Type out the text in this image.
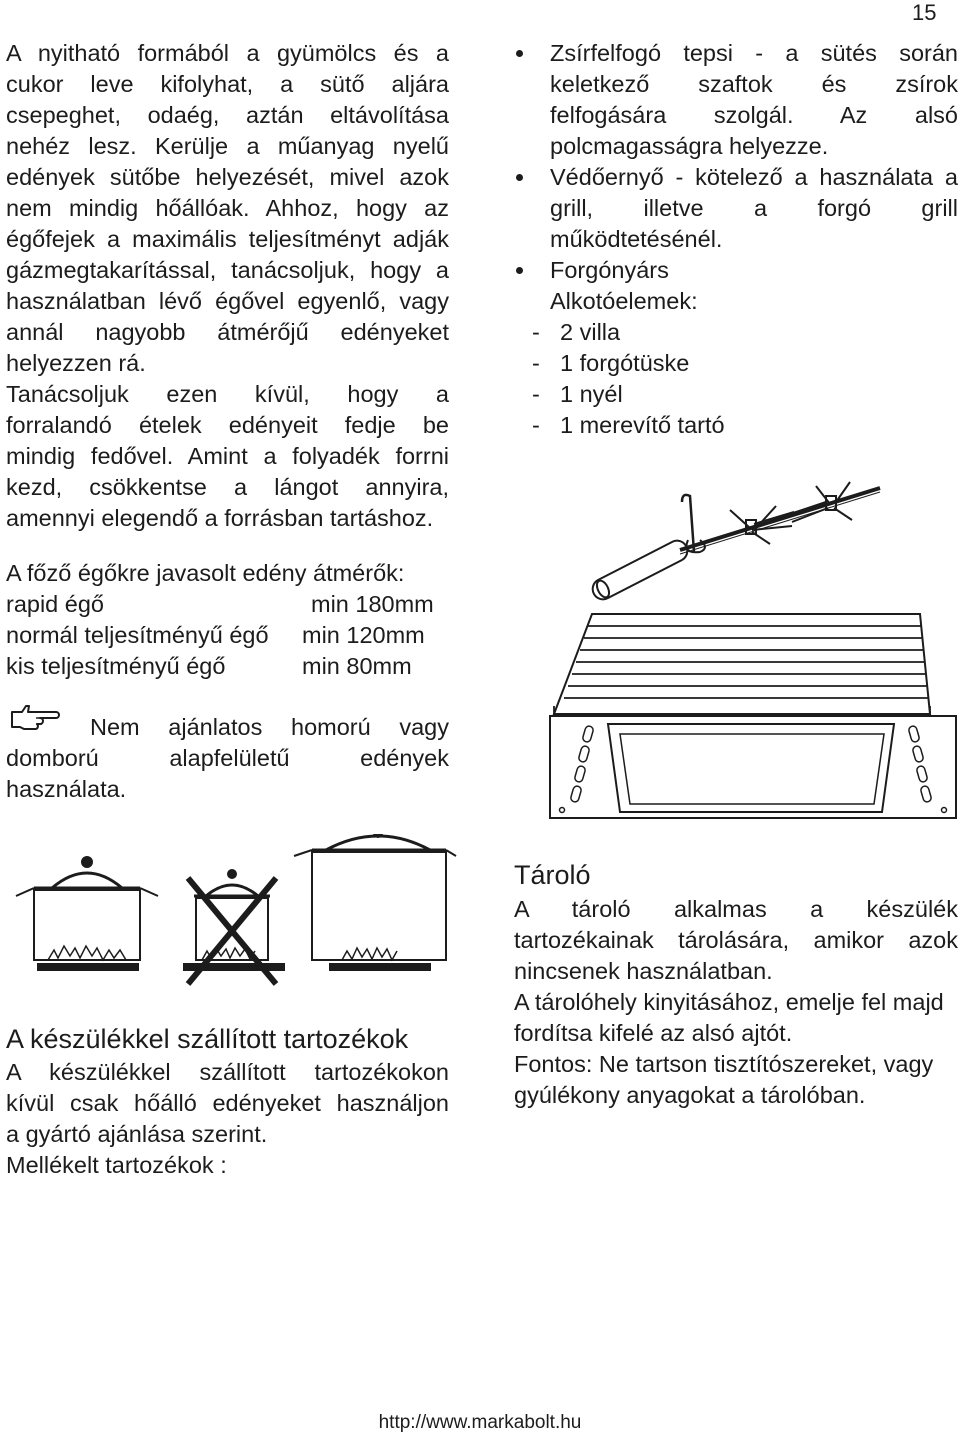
15
A nyitható formából a gyümölcs és a
cukor leve kifolyhat, a sütő aljára
csepeghet, odaég, aztán eltávolítása
nehéz lesz. Kerülje a műanyag nyelű
edények sütőbe helyezését, mivel azok
nem mindig hőállóak. Ahhoz, hogy az
égőfejek a maximális teljesítményt adják
gázmegtakarítással, tanácsoljuk, hogy a
használatban lévő égővel egyenlő, vagy
annál nagyobb átmérőjű edényeket
helyezzen rá.
Tanácsoljuk ezen kívül, hogy a
forralandó ételek edényeit fedje be
mindig fedővel. Amint a folyadék forrni
kezd, csökkentse a lángot annyira,
amennyi elegendő a forrásban tartáshoz.
A főző égőkre javasolt edény átmérők:
rapid égő	min 180mm
normál teljesítményű égő	min 120mm
kis teljesítményű égő	min 80mm
Nem ajánlatos homorú vagy
domború alapfelületű edények
használata.
A készülékkel szállított tartozékok
A készülékkel szállított tartozékokon
kívül csak hőálló edényeket használjon
a gyártó ajánlása szerint.
Mellékelt tartozékok :
Zsírfelfogó tepsi - a sütés során
keletkező szaftok és zsírok
felfogására szolgál. Az alsó
polcmagasságra helyezze.
Védőernyő - kötelező a használata a
grill, illetve a forgó grill
működtetésénél.
Forgónyárs
Alkotóelemek:
- 2 villa
- 1 forgótüske
- 1 nyél
- 1 merevítő tartó
Tároló
A tároló alkalmas a készülék
tartozékainak tárolására, amikor azok
nincsenek használatban.
A tárolóhely kinyitásához, emelje fel majd
fordítsa kifelé az alsó ajtót.
Fontos: Ne tartson tisztítószereket, vagy
gyúlékony anyagokat a tárolóban.
http://www.markabolt.hu
